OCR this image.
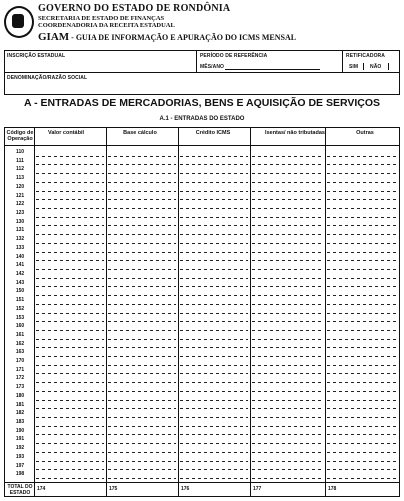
GOVERNO DO ESTADO DE RONDÔNIA
SECRETARIA DE ESTADO DE FINANÇAS
COORDENADORIA DA RECEITA ESTADUAL
GIAM - GUIA DE INFORMAÇÃO E APURAÇÃO DO ICMS MENSAL
INSCRIÇÃO ESTADUAL	PERÍODO DE REFERÊNCIA
MÊS/ANO
RETIFICADORA
SIM NÃO
DENOMINAÇÃO/RAZÃO SOCIAL
A - ENTRADAS DE MERCADORIAS, BENS E AQUISIÇÃO DE SERVIÇOS
A.1 - ENTRADAS DO ESTADO
Código de Operação
Valor contábil	Base cálculo	Crédito ICMS	Isentas/ não tributadas	Outras
110
111
112
113
120
121
122
123
130
131
132
133
140
141
142
143
150
151
152
153
160
161
162
163
170
171
172
173
180
181
182
183
190
191
192
193
197
198
TOTAL DO
ESTADO
174	175	176	177	178
